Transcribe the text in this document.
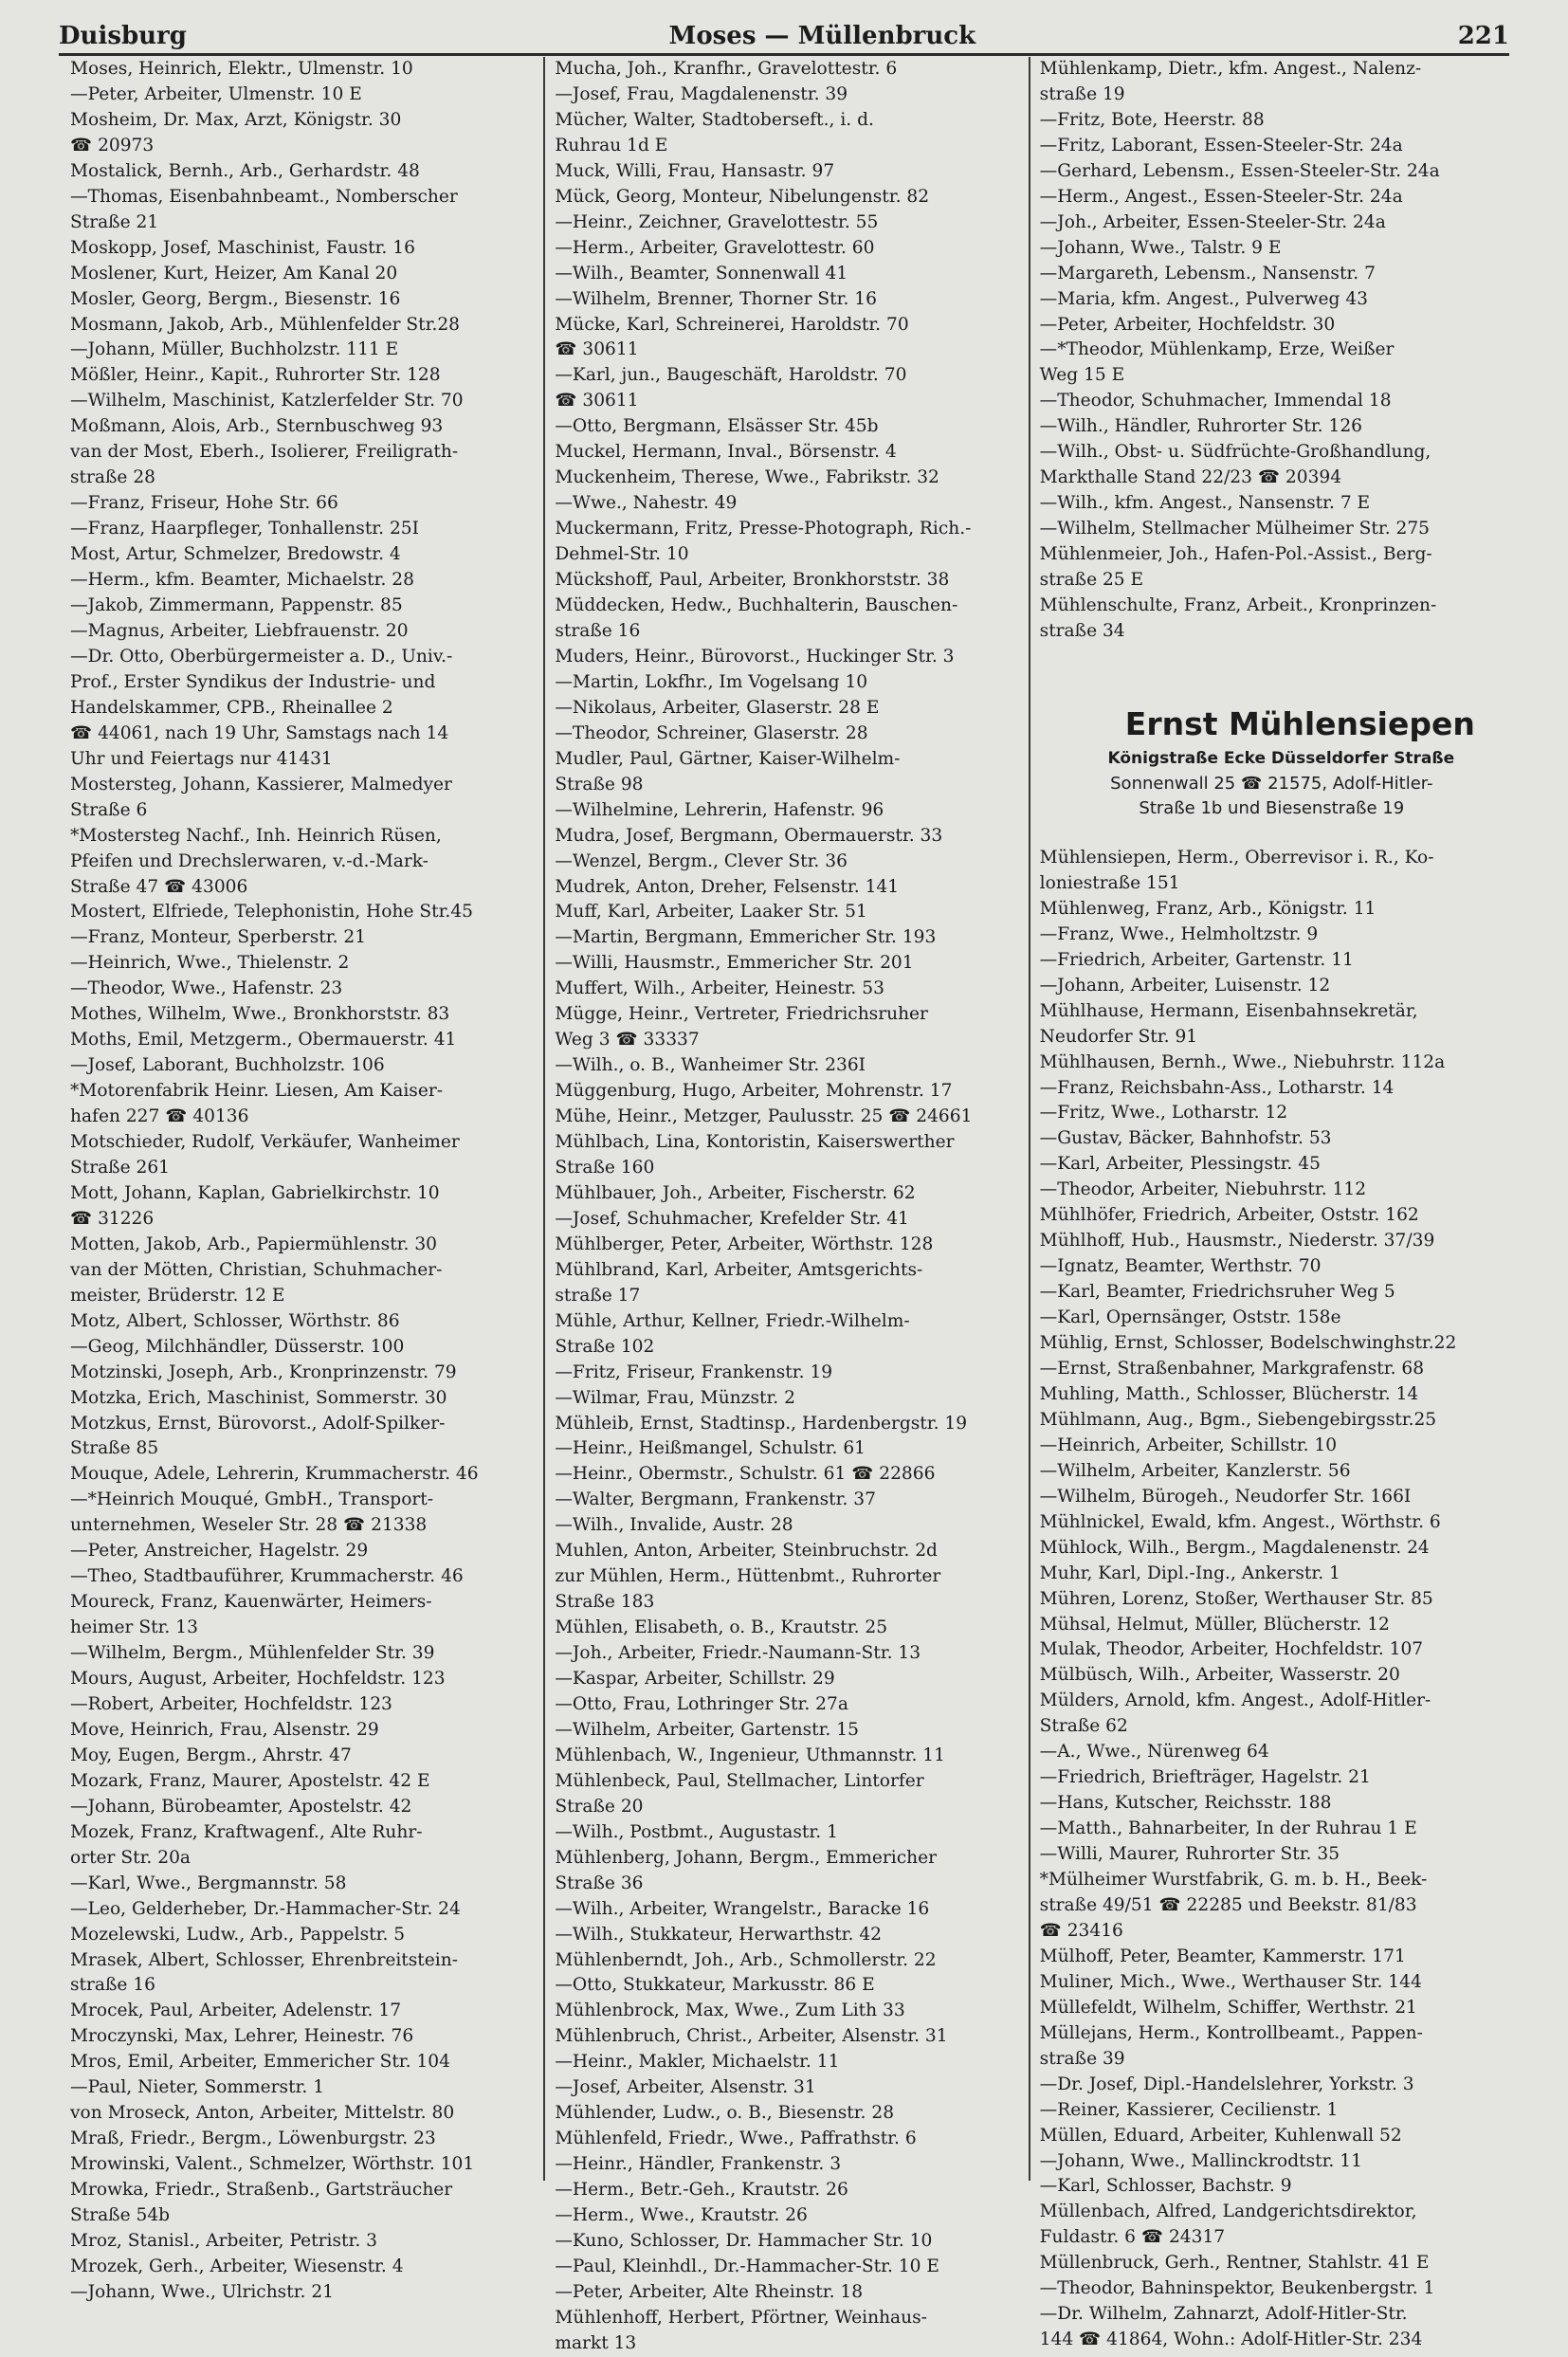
Duisburg	Moses — Müllenbruck	221
Moses, Heinrich, Elektr., Ulmenstr. 10
—Peter, Arbeiter, Ulmenstr. 10 E
Mosheim, Dr. Max, Arzt, Königstr. 30
☎ 20973
Mostalick, Bernh., Arb., Gerhardstr. 48
—Thomas, Eisenbahnbeamt., Nomberscher
Straße 21
Moskopp, Josef, Maschinist, Faustr. 16
Moslener, Kurt, Heizer, Am Kanal 20
Mosler, Georg, Bergm., Biesenstr. 16
Mosmann, Jakob, Arb., Mühlenfelder Str.28
—Johann, Müller, Buchholzstr. 111 E
Mößler, Heinr., Kapit., Ruhrorter Str. 128
—Wilhelm, Maschinist, Katzlerfelder Str. 70
Moßmann, Alois, Arb., Sternbuschweg 93
van der Most, Eberh., Isolierer, Freiligrath-
straße 28
—Franz, Friseur, Hohe Str. 66
—Franz, Haarpfleger, Tonhallenstr. 25I
Most, Artur, Schmelzer, Bredowstr. 4
—Herm., kfm. Beamter, Michaelstr. 28
—Jakob, Zimmermann, Pappenstr. 85
—Magnus, Arbeiter, Liebfrauenstr. 20
—Dr. Otto, Oberbürgermeister a. D., Univ.-
Prof., Erster Syndikus der Industrie- und
Handelskammer, CPB., Rheinallee 2
☎ 44061, nach 19 Uhr, Samstags nach 14
Uhr und Feiertags nur 41431
Mostersteg, Johann, Kassierer, Malmedyer
Straße 6
*Mostersteg Nachf., Inh. Heinrich Rüsen,
Pfeifen und Drechslerwaren, v.-d.-Mark-
Straße 47 ☎ 43006
Mostert, Elfriede, Telephonistin, Hohe Str.45
—Franz, Monteur, Sperberstr. 21
—Heinrich, Wwe., Thielenstr. 2
—Theodor, Wwe., Hafenstr. 23
Mothes, Wilhelm, Wwe., Bronkhorststr. 83
Moths, Emil, Metzgerm., Obermauerstr. 41
—Josef, Laborant, Buchholzstr. 106
*Motorenfabrik Heinr. Liesen, Am Kaiser-
hafen 227 ☎ 40136
Motschieder, Rudolf, Verkäufer, Wanheimer
Straße 261
Mott, Johann, Kaplan, Gabrielkirchstr. 10
☎ 31226
Motten, Jakob, Arb., Papiermühlenstr. 30
van der Mötten, Christian, Schuhmacher-
meister, Brüderstr. 12 E
Motz, Albert, Schlosser, Wörthstr. 86
—Geog, Milchhändler, Düsserstr. 100
Motzinski, Joseph, Arb., Kronprinzenstr. 79
Motzka, Erich, Maschinist, Sommerstr. 30
Motzkus, Ernst, Bürovorst., Adolf-Spilker-
Straße 85
Mouque, Adele, Lehrerin, Krummacherstr. 46
—*Heinrich Mouqué, GmbH., Transport-
unternehmen, Weseler Str. 28 ☎ 21338
—Peter, Anstreicher, Hagelstr. 29
—Theo, Stadtbauführer, Krummacherstr. 46
Moureck, Franz, Kauenwärter, Heimers-
heimer Str. 13
—Wilhelm, Bergm., Mühlenfelder Str. 39
Mours, August, Arbeiter, Hochfeldstr. 123
—Robert, Arbeiter, Hochfeldstr. 123
Move, Heinrich, Frau, Alsenstr. 29
Moy, Eugen, Bergm., Ahrstr. 47
Mozark, Franz, Maurer, Apostelstr. 42 E
—Johann, Bürobeamter, Apostelstr. 42
Mozek, Franz, Kraftwagenf., Alte Ruhr-
orter Str. 20a
—Karl, Wwe., Bergmannstr. 58
—Leo, Gelderheber, Dr.-Hammacher-Str. 24
Mozelewski, Ludw., Arb., Pappelstr. 5
Mrasek, Albert, Schlosser, Ehrenbreitstein-
straße 16
Mrocek, Paul, Arbeiter, Adelenstr. 17
Mroczynski, Max, Lehrer, Heinestr. 76
Mros, Emil, Arbeiter, Emmericher Str. 104
—Paul, Nieter, Sommerstr. 1
von Mroseck, Anton, Arbeiter, Mittelstr. 80
Mraß, Friedr., Bergm., Löwenburgstr. 23
Mrowinski, Valent., Schmelzer, Wörthstr. 101
Mrowka, Friedr., Straßenb., Gartsträucher
Straße 54b
Mroz, Stanisl., Arbeiter, Petristr. 3
Mrozek, Gerh., Arbeiter, Wiesenstr. 4
—Johann, Wwe., Ulrichstr. 21
Mucha, Joh., Kranfhr., Gravelottestr. 6
—Josef, Frau, Magdalenenstr. 39
Mücher, Walter, Stadtoberseft., i. d.
Ruhrau 1d E
Muck, Willi, Frau, Hansastr. 97
Mück, Georg, Monteur, Nibelungenstr. 82
—Heinr., Zeichner, Gravelottestr. 55
—Herm., Arbeiter, Gravelottestr. 60
—Wilh., Beamter, Sonnenwall 41
—Wilhelm, Brenner, Thorner Str. 16
Mücke, Karl, Schreinerei, Haroldstr. 70
☎ 30611
—Karl, jun., Baugeschäft, Haroldstr. 70
☎ 30611
—Otto, Bergmann, Elsässer Str. 45b
Muckel, Hermann, Inval., Börsenstr. 4
Muckenheim, Therese, Wwe., Fabrikstr. 32
—Wwe., Nahestr. 49
Muckermann, Fritz, Presse-Photograph, Rich.-
Dehmel-Str. 10
Mückshoff, Paul, Arbeiter, Bronkhorststr. 38
Müddecken, Hedw., Buchhalterin, Bauschen-
straße 16
Muders, Heinr., Bürovorst., Huckinger Str. 3
—Martin, Lokfhr., Im Vogelsang 10
—Nikolaus, Arbeiter, Glaserstr. 28 E
—Theodor, Schreiner, Glaserstr. 28
Mudler, Paul, Gärtner, Kaiser-Wilhelm-
Straße 98
—Wilhelmine, Lehrerin, Hafenstr. 96
Mudra, Josef, Bergmann, Obermauerstr. 33
—Wenzel, Bergm., Clever Str. 36
Mudrek, Anton, Dreher, Felsenstr. 141
Muff, Karl, Arbeiter, Laaker Str. 51
—Martin, Bergmann, Emmericher Str. 193
—Willi, Hausmstr., Emmericher Str. 201
Muffert, Wilh., Arbeiter, Heinestr. 53
Mügge, Heinr., Vertreter, Friedrichsruher
Weg 3 ☎ 33337
—Wilh., o. B., Wanheimer Str. 236I
Müggenburg, Hugo, Arbeiter, Mohrenstr. 17
Mühe, Heinr., Metzger, Paulusstr. 25 ☎ 24661
Mühlbach, Lina, Kontoristin, Kaiserswerther
Straße 160
Mühlbauer, Joh., Arbeiter, Fischerstr. 62
—Josef, Schuhmacher, Krefelder Str. 41
Mühlberger, Peter, Arbeiter, Wörthstr. 128
Mühlbrand, Karl, Arbeiter, Amtsgerichts-
straße 17
Mühle, Arthur, Kellner, Friedr.-Wilhelm-
Straße 102
—Fritz, Friseur, Frankenstr. 19
—Wilmar, Frau, Münzstr. 2
Mühleib, Ernst, Stadtinsp., Hardenbergstr. 19
—Heinr., Heißmangel, Schulstr. 61
—Heinr., Obermstr., Schulstr. 61 ☎ 22866
—Walter, Bergmann, Frankenstr. 37
—Wilh., Invalide, Austr. 28
Muhlen, Anton, Arbeiter, Steinbruchstr. 2d
zur Mühlen, Herm., Hüttenbmt., Ruhrorter
Straße 183
Mühlen, Elisabeth, o. B., Krautstr. 25
—Joh., Arbeiter, Friedr.-Naumann-Str. 13
—Kaspar, Arbeiter, Schillstr. 29
—Otto, Frau, Lothringer Str. 27a
—Wilhelm, Arbeiter, Gartenstr. 15
Mühlenbach, W., Ingenieur, Uthmannstr. 11
Mühlenbeck, Paul, Stellmacher, Lintorfer
Straße 20
—Wilh., Postbmt., Augustastr. 1
Mühlenberg, Johann, Bergm., Emmericher
Straße 36
—Wilh., Arbeiter, Wrangelstr., Baracke 16
—Wilh., Stukkateur, Herwarthstr. 42
Mühlenberndt, Joh., Arb., Schmollerstr. 22
—Otto, Stukkateur, Markusstr. 86 E
Mühlenbrock, Max, Wwe., Zum Lith 33
Mühlenbruch, Christ., Arbeiter, Alsenstr. 31
—Heinr., Makler, Michaelstr. 11
—Josef, Arbeiter, Alsenstr. 31
Mühlender, Ludw., o. B., Biesenstr. 28
Mühlenfeld, Friedr., Wwe., Paffrathstr. 6
—Heinr., Händler, Frankenstr. 3
—Herm., Betr.-Geh., Krautstr. 26
—Herm., Wwe., Krautstr. 26
—Kuno, Schlosser, Dr. Hammacher Str. 10
—Paul, Kleinhdl., Dr.-Hammacher-Str. 10 E
—Peter, Arbeiter, Alte Rheinstr. 18
Mühlenhoff, Herbert, Pförtner, Weinhaus-
markt 13
Mühlenkamp, Dietr., kfm. Angest., Nalenz-
straße 19
—Fritz, Bote, Heerstr. 88
—Fritz, Laborant, Essen-Steeler-Str. 24a
—Gerhard, Lebensm., Essen-Steeler-Str. 24a
—Herm., Angest., Essen-Steeler-Str. 24a
—Joh., Arbeiter, Essen-Steeler-Str. 24a
—Johann, Wwe., Talstr. 9 E
—Margareth, Lebensm., Nansenstr. 7
—Maria, kfm. Angest., Pulverweg 43
—Peter, Arbeiter, Hochfeldstr. 30
—*Theodor, Mühlenkamp, Erze, Weißer
Weg 15 E
—Theodor, Schuhmacher, Immendal 18
—Wilh., Händler, Ruhrorter Str. 126
—Wilh., Obst- u. Südfrüchte-Großhandlung,
Markthalle Stand 22/23 ☎ 20394
—Wilh., kfm. Angest., Nansenstr. 7 E
—Wilhelm, Stellmacher Mülheimer Str. 275
Mühlenmeier, Joh., Hafen-Pol.-Assist., Berg-
straße 25 E
Mühlenschulte, Franz, Arbeit., Kronprinzen-
straße 34
Ernst Mühlensiepen
Königstraße Ecke Düsseldorfer Straße
Sonnenwall 25 ☎ 21575, Adolf-Hitler-
Straße 1b und Biesenstraße 19
Mühlensiepen, Herm., Oberrevisor i. R., Ko-
loniestraße 151
Mühlenweg, Franz, Arb., Königstr. 11
—Franz, Wwe., Helmholtzstr. 9
—Friedrich, Arbeiter, Gartenstr. 11
—Johann, Arbeiter, Luisenstr. 12
Mühlhause, Hermann, Eisenbahnsekretär,
Neudorfer Str. 91
Mühlhausen, Bernh., Wwe., Niebuhrstr. 112a
—Franz, Reichsbahn-Ass., Lotharstr. 14
—Fritz, Wwe., Lotharstr. 12
—Gustav, Bäcker, Bahnhofstr. 53
—Karl, Arbeiter, Plessingstr. 45
—Theodor, Arbeiter, Niebuhrstr. 112
Mühlhöfer, Friedrich, Arbeiter, Oststr. 162
Mühlhoff, Hub., Hausmstr., Niederstr. 37/39
—Ignatz, Beamter, Werthstr. 70
—Karl, Beamter, Friedrichsruher Weg 5
—Karl, Opernsänger, Oststr. 158e
Mühlig, Ernst, Schlosser, Bodelschwinghstr.22
—Ernst, Straßenbahner, Markgrafenstr. 68
Muhling, Matth., Schlosser, Blücherstr. 14
Mühlmann, Aug., Bgm., Siebengebirgsstr.25
—Heinrich, Arbeiter, Schillstr. 10
—Wilhelm, Arbeiter, Kanzlerstr. 56
—Wilhelm, Bürogeh., Neudorfer Str. 166I
Mühlnickel, Ewald, kfm. Angest., Wörthstr. 6
Mühlock, Wilh., Bergm., Magdalenenstr. 24
Muhr, Karl, Dipl.-Ing., Ankerstr. 1
Mühren, Lorenz, Stoßer, Werthauser Str. 85
Mühsal, Helmut, Müller, Blücherstr. 12
Mulak, Theodor, Arbeiter, Hochfeldstr. 107
Mülbüsch, Wilh., Arbeiter, Wasserstr. 20
Mülders, Arnold, kfm. Angest., Adolf-Hitler-
Straße 62
—A., Wwe., Nürenweg 64
—Friedrich, Briefträger, Hagelstr. 21
—Hans, Kutscher, Reichsstr. 188
—Matth., Bahnarbeiter, In der Ruhrau 1 E
—Willi, Maurer, Ruhrorter Str. 35
*Mülheimer Wurstfabrik, G. m. b. H., Beek-
straße 49/51 ☎ 22285 und Beekstr. 81/83
☎ 23416
Mülhoff, Peter, Beamter, Kammerstr. 171
Muliner, Mich., Wwe., Werthauser Str. 144
Müllefeldt, Wilhelm, Schiffer, Werthstr. 21
Müllejans, Herm., Kontrollbeamt., Pappen-
straße 39
—Dr. Josef, Dipl.-Handelslehrer, Yorkstr. 3
—Reiner, Kassierer, Cecilienstr. 1
Müllen, Eduard, Arbeiter, Kuhlenwall 52
—Johann, Wwe., Mallinckrodtstr. 11
—Karl, Schlosser, Bachstr. 9
Müllenbach, Alfred, Landgerichtsdirektor,
Fuldastr. 6 ☎ 24317
Müllenbruck, Gerh., Rentner, Stahlstr. 41 E
—Theodor, Bahninspektor, Beukenbergstr. 1
—Dr. Wilhelm, Zahnarzt, Adolf-Hitler-Str.
144 ☎ 41864, Wohn.: Adolf-Hitler-Str. 234
